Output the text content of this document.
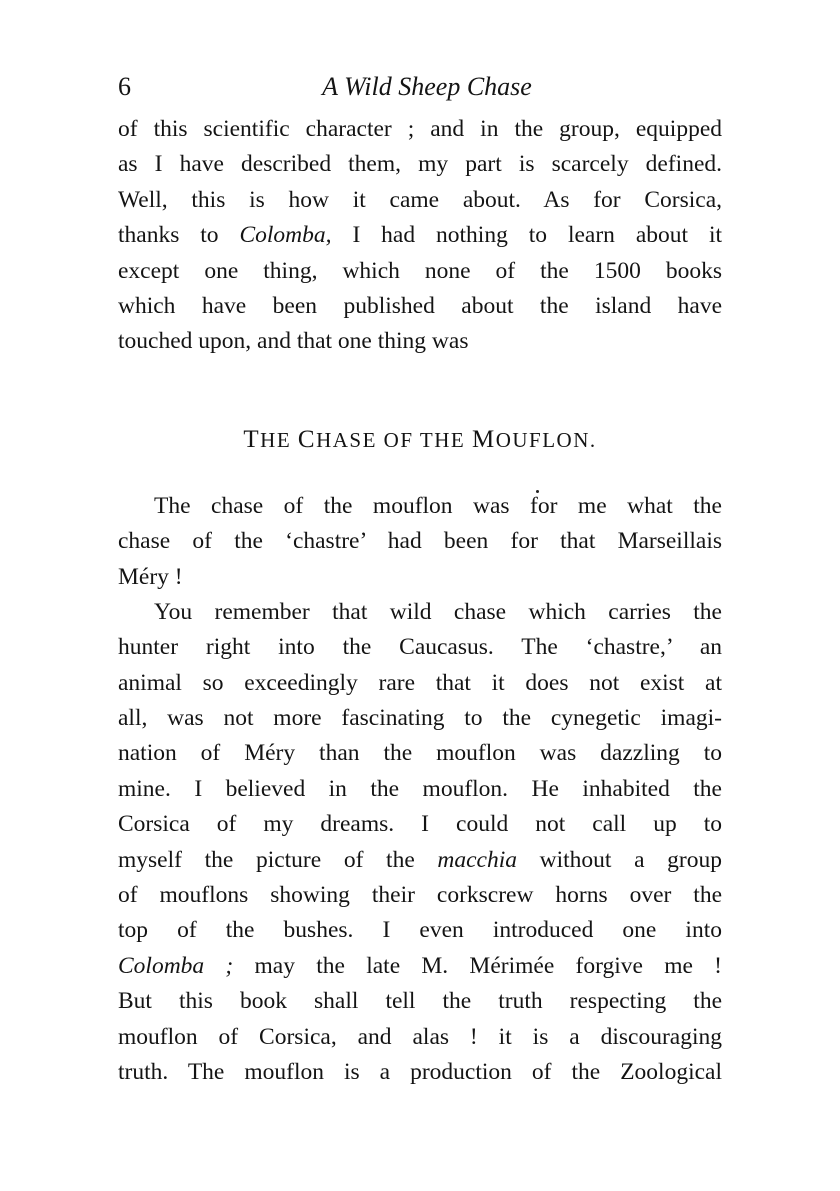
6	A Wild Sheep Chase

of this scientific character ; and in the group, equipped
as I have described them, my part is scarcely defined.
Well, this is how it came about. As for Corsica,
thanks to Colomba, I had nothing to learn about it
except one thing, which none of the 1500 books
which have been published about the island have
touched upon, and that one thing was

THE CHASE OF THE MOUFLON.

The chase of the mouflon was for me what the
chase of the ‘chastre’ had been for that Marseillais
Méry !

You remember that wild chase which carries the
hunter right into the Caucasus. The ‘chastre,’ an
animal so exceedingly rare that it does not exist at
all, was not more fascinating to the cynegetic imagi-
nation of Méry than the mouflon was dazzling to
mine. I believed in the mouflon. He inhabited the
Corsica of my dreams. I could not call up to
myself the picture of the macchia without a group
of mouflons showing their corkscrew horns over the
top of the bushes. I even introduced one into
Colomba ; may the late M. Mérimée forgive me !
But this book shall tell the truth respecting the
mouflon of Corsica, and alas ! it is a discouraging
truth. The mouflon is a production of the Zoological
